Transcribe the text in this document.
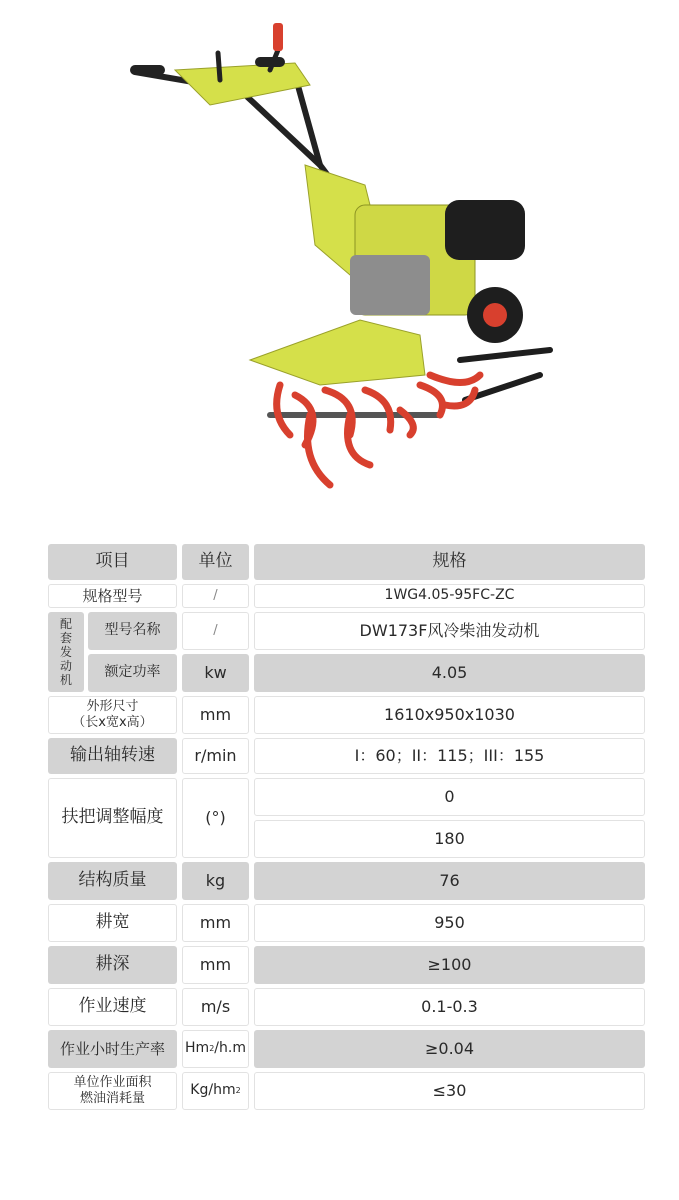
项目	单位	规格
规格型号	/	1WG4.05-95FC-ZC
配套发动机
型号名称	/	DW173F风冷柴油发动机
额定功率	kw	4.05
外形尺寸
（长x宽x高）	mm	1610x950x1030
输出轴转速	r/min	I：60；II：115；III：155
扶把调整幅度	(°)
0
180
结构质量	kg	76
耕宽	mm	950
耕深	mm	≥100
作业速度	m/s	0.1-0.3
作业小时生产率	Hm 2 /h.m	≥0.04
单位作业面积
燃油消耗量
Kg/hm 2	≤30
